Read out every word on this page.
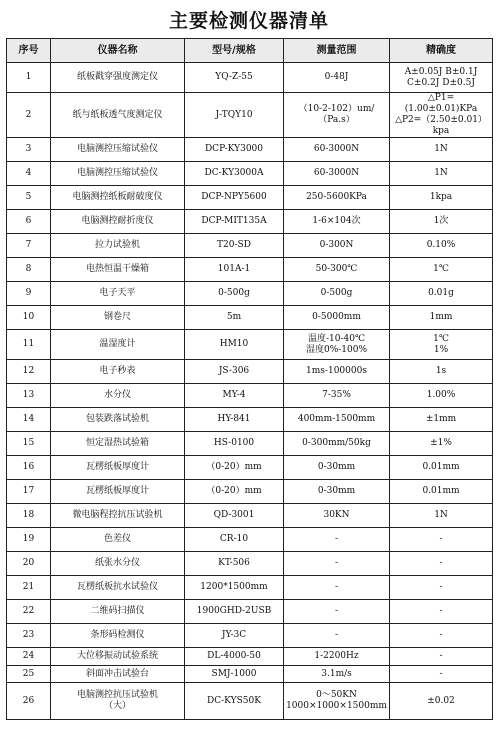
主要检测仪器清单
序号	仪器名称	型号/规格	测量范围	精确度
1	纸板戳穿强度测定仪	YQ-Z-55	0-48J	A±0.05J B±0.1J
C±0.2J D±0.5J
2	纸与纸板透气度测定仪	J-TQY10	（10-2-102）um/
（Pa.s）	△P1=(1.00±0.01)KPa
△P2=（2.50±0.01）
kpa
3	电脑测控压缩试验仪	DCP-KY3000	60-3000N	1N
4	电脑测控压缩试验仪	DC-KY3000A	60-3000N	1N
5	电脑测控纸板耐破度仪	DCP-NPY5600	250-5600KPa	1kpa
6	电脑测控耐折度仪	DCP-MIT135A	1-6×104次	1次
7	拉力试验机	T20-SD	0-300N	0.10%
8	电热恒温干燥箱	101A-1	50-300℃	1℃
9	电子天平	0-500g	0-500g	0.01g
10	钢卷尺	5m	0-5000mm	1mm
11	温湿度计	HM10	温度-10-40℃
湿度0%-100%	1℃
1%
12	电子秒表	JS-306	1ms-100000s	1s
13	水分仪	MY-4	7-35%	1.00%
14	包装跌落试验机	HY-841	400mm-1500mm	±1mm
15	恒定湿热试验箱	HS-0100	0-300mm/50kg	±1%
16	瓦楞纸板厚度计	（0-20）mm	0-30mm	0.01mm
17	瓦楞纸板厚度计	（0-20）mm	0-30mm	0.01mm
18	微电脑程控抗压试验机	QD-3001	30KN	1N
19	色差仪	CR-10	-	-
20	纸张水分仪	KT-506	-	-
21	瓦楞纸板抗水试验仪	1200*1500mm	-	-
22	二维码扫描仪	1900GHD-2USB	-	-
23	条形码检测仪	JY-3C	-	-
24	大位移振动试验系统	DL-4000-50	1-2200Hz	-
25	斜面冲击试验台	SMJ-1000	3.1m/s	-
26	电脑测控抗压试验机
（大）	DC-KYS50K	0～50KN
1000×1000×1500mm	±0.02
